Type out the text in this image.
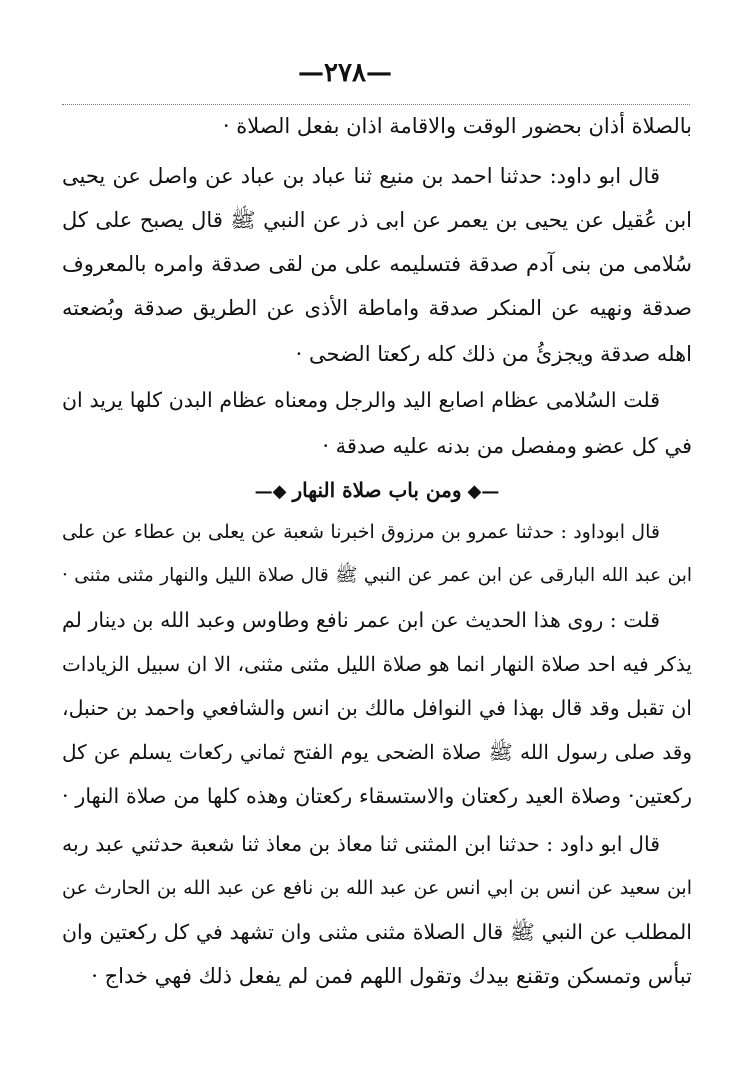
—٢٧٨—
بالصلاة أذان بحضور الوقت والاقامة اذان بفعل الصلاة ·
قال ابو داود: حدثنا احمد بن منيع ثنا عباد بن عباد عن واصل عن يحيى
ابن عُقيل عن يحيى بن يعمر عن ابى ذر عن النبي ﷺ قال يصبح على كل
سُلامى من بنى آدم صدقة فتسليمه على من لقى صدقة وامره بالمعروف
صدقة ونهيه عن المنكر صدقة واماطة الأذى عن الطريق صدقة وبُضعته
اهله صدقة ويجزئُ من ذلك كله ركعتا الضحى ·
قلت السُلامى عظام اصابع اليد والرجل ومعناه عظام البدن كلها يريد ان
في كل عضو ومفصل من بدنه عليه صدقة ·
—◆ومن باب صلاة النهار◆—
قال ابوداود : حدثنا عمرو بن مرزوق اخبرنا شعبة عن يعلى بن عطاء عن على
ابن عبد الله البارقى عن ابن عمر عن النبي ﷺ قال صلاة الليل والنهار مثنى مثنى ·
قلت : روى هذا الحديث عن ابن عمر نافع وطاوس وعبد الله بن دينار لم
يذكر فيه احد صلاة النهار انما هو صلاة الليل مثنى مثنى، الا ان سبيل الزيادات
ان تقبل وقد قال بهذا في النوافل مالك بن انس والشافعي واحمد بن حنبل،
وقد صلى رسول الله ﷺ صلاة الضحى يوم الفتح ثماني ركعات يسلم عن كل
ركعتين· وصلاة العيد ركعتان والاستسقاء ركعتان وهذه كلها من صلاة النهار ·
قال ابو داود : حدثنا ابن المثنى ثنا معاذ بن معاذ ثنا شعبة حدثني عبد ربه
ابن سعيد عن انس بن ابي انس عن عبد الله بن نافع عن عبد الله بن الحارث عن
المطلب عن النبي ﷺ قال الصلاة مثنى مثنى وان تشهد في كل ركعتين وان
تبأس وتمسكن وتقنع بيدك وتقول اللهم فمن لم يفعل ذلك فهي خداج ·
